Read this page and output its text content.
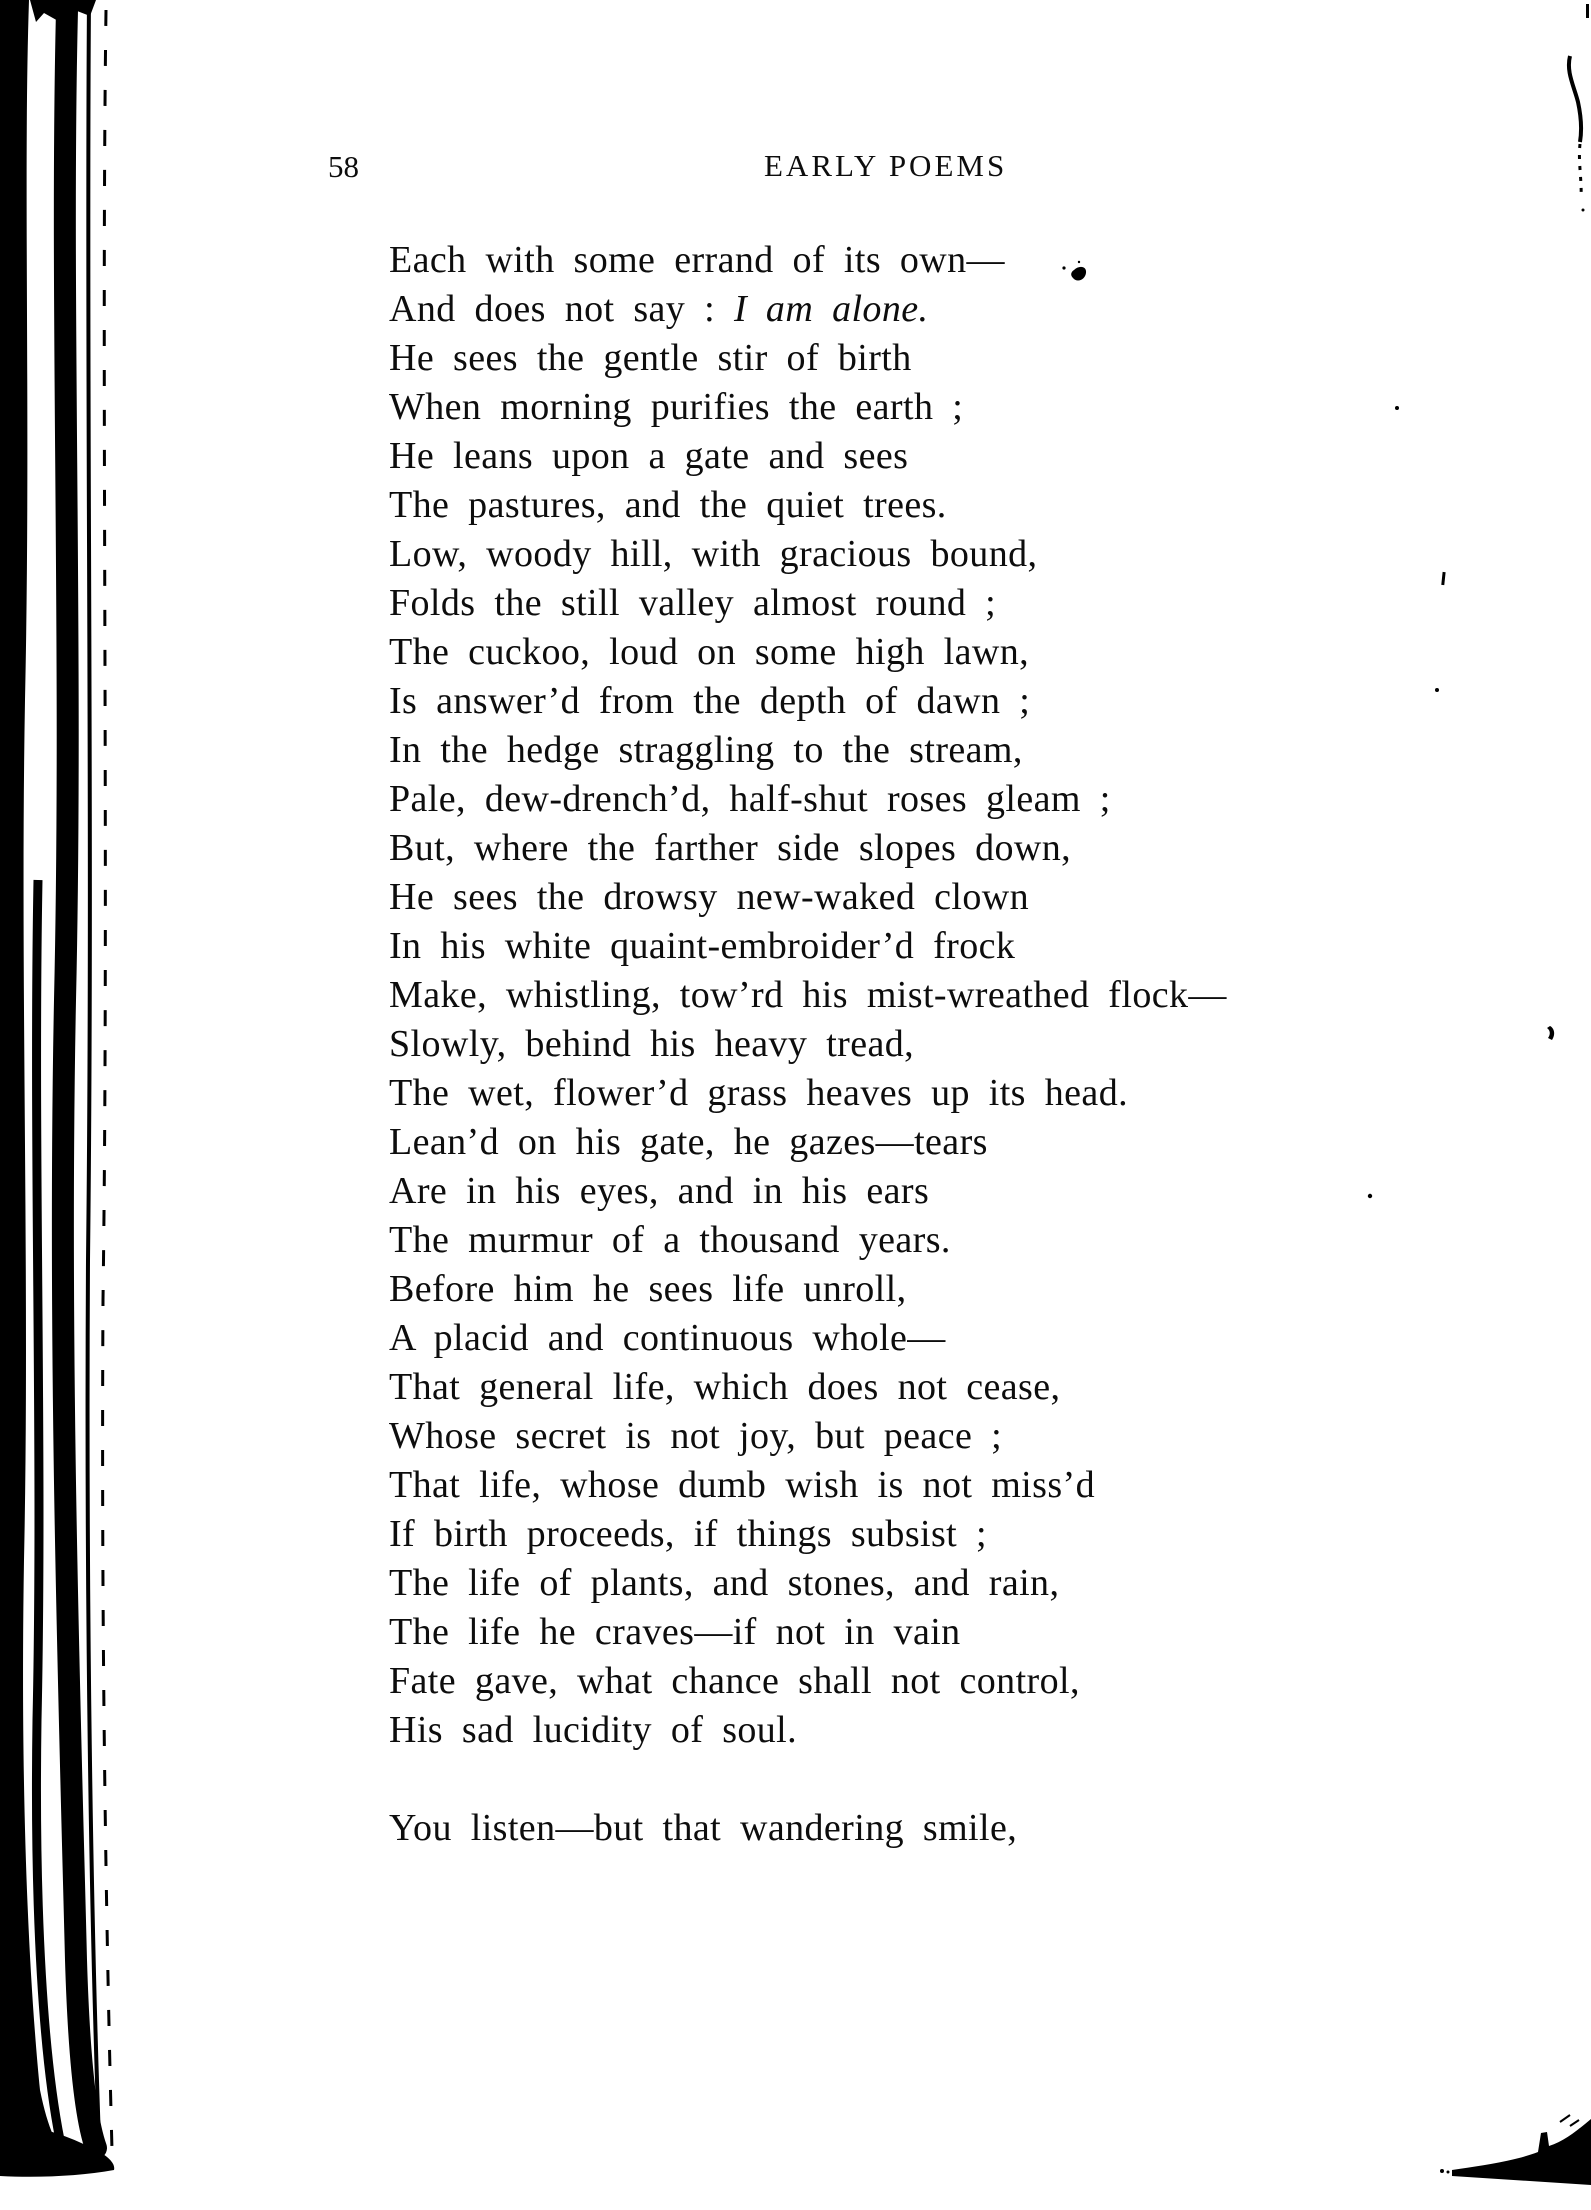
58	EARLY POEMS
Each with some errand of its own—
And does not say : I am alone.
He sees the gentle stir of birth
When morning purifies the earth ;
He leans upon a gate and sees
The pastures, and the quiet trees.
Low, woody hill, with gracious bound,
Folds the still valley almost round ;
The cuckoo, loud on some high lawn,
Is answer’d from the depth of dawn ;
In the hedge straggling to the stream,
Pale, dew-drench’d, half-shut roses gleam ;
But, where the farther side slopes down,
He sees the drowsy new-waked clown
In his white quaint-embroider’d frock
Make, whistling, tow’rd his mist-wreathed flock—
Slowly, behind his heavy tread,
The wet, flower’d grass heaves up its head.
Lean’d on his gate, he gazes—tears
Are in his eyes, and in his ears
The murmur of a thousand years.
Before him he sees life unroll,
A placid and continuous whole—
That general life, which does not cease,
Whose secret is not joy, but peace ;
That life, whose dumb wish is not miss’d
If birth proceeds, if things subsist ;
The life of plants, and stones, and rain,
The life he craves—if not in vain
Fate gave, what chance shall not control,
His sad lucidity of soul.
You listen—but that wandering smile,
